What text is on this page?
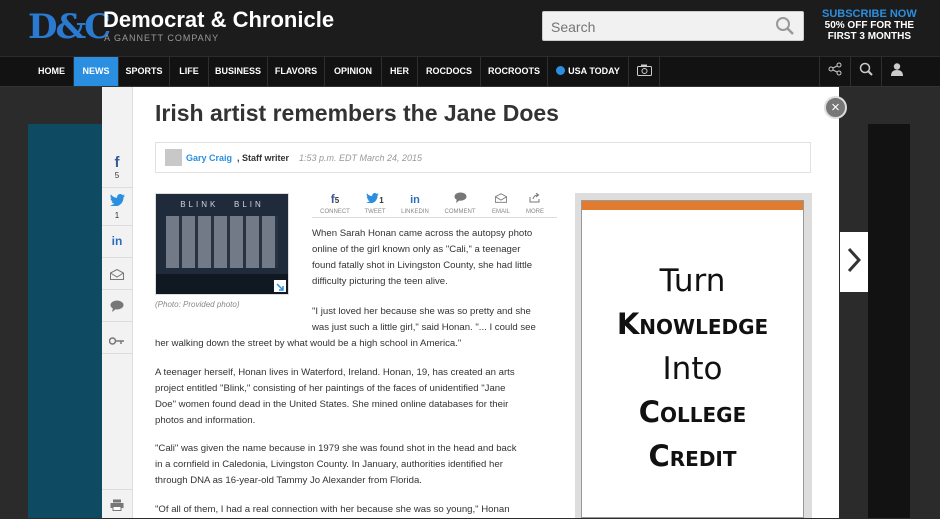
D&C
Democrat & Chronicle
A GANNETT COMPANY
Search
SUBSCRIBE NOW
50% OFF FOR THE
FIRST 3 MONTHS
HOME	NEWS	SPORTS	LIFE	BUSINESS	FLAVORS	OPINION	HER	ROCDOCS	ROCROOTS	USA TODAY
f
5
1
in
Irish artist remembers the Jane Does
Gary Craig , Staff writer 1:53 p.m. EDT March 24, 2015
BLINK   BLIN
(Photo: Provided photo)
f5
CONNECT
1
TWEET
in
LINKEDIN	COMMENT	EMAIL	MORE
When Sarah Honan came across the autopsy photo
online of the girl known only as "Cali," a teenager
found fatally shot in Livingston County, she had little
difficulty picturing the teen alive.
"I just loved her because she was so pretty and she
was just such a little girl," said Honan. "... I could see
her walking down the street by what would be a high school in America."
A teenager herself, Honan lives in Waterford, Ireland. Honan, 19, has created an arts
project entitled "Blink," consisting of her paintings of the faces of unidentified "Jane
Doe" women found dead in the United States. She mined online databases for their
photos and information.
"Cali" was given the name because in 1979 she was found shot in the head and back
in a cornfield in Caledonia, Livingston County. In January, authorities identified her
through DNA as 16-year-old Tammy Jo Alexander from Florida.
"Of all of them, I had a real connection with her because she was so young," Honan
Turn
Knowledge
Into
College
Credit
×
